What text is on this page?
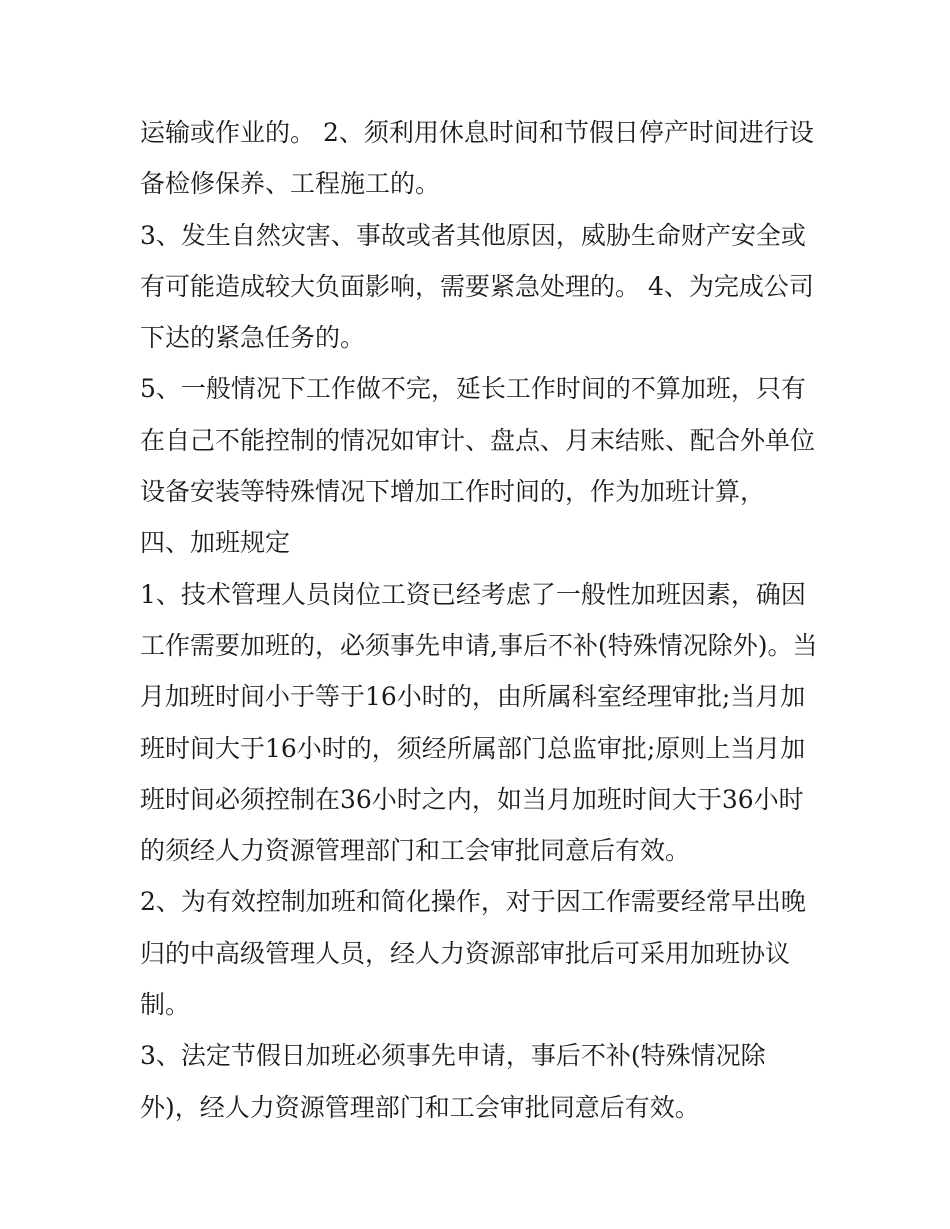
运输或作业的。 2、须利用休息时间和节假日停产时间进行设
备检修保养、工程施工的。
3、发生自然灾害、事故或者其他原因，威胁生命财产安全或
有可能造成较大负面影响，需要紧急处理的。 4、为完成公司
下达的紧急任务的。
5、一般情况下工作做不完，延长工作时间的不算加班，只有
在自己不能控制的情况如审计、盘点、月末结账、配合外单位
设备安装等特殊情况下增加工作时间的，作为加班计算，
四、加班规定
1、技术管理人员岗位工资已经考虑了一般性加班因素，确因
工作需要加班的，必须事先申请,事后不补(特殊情况除外)。当
月加班时间小于等于16小时的，由所属科室经理审批;当月加
班时间大于16小时的，须经所属部门总监审批;原则上当月加
班时间必须控制在36小时之内，如当月加班时间大于36小时
的须经人力资源管理部门和工会审批同意后有效。
2、为有效控制加班和简化操作，对于因工作需要经常早出晚
归的中高级管理人员，经人力资源部审批后可采用加班协议
制。
3、法定节假日加班必须事先申请，事后不补(特殊情况除
外)，经人力资源管理部门和工会审批同意后有效。
